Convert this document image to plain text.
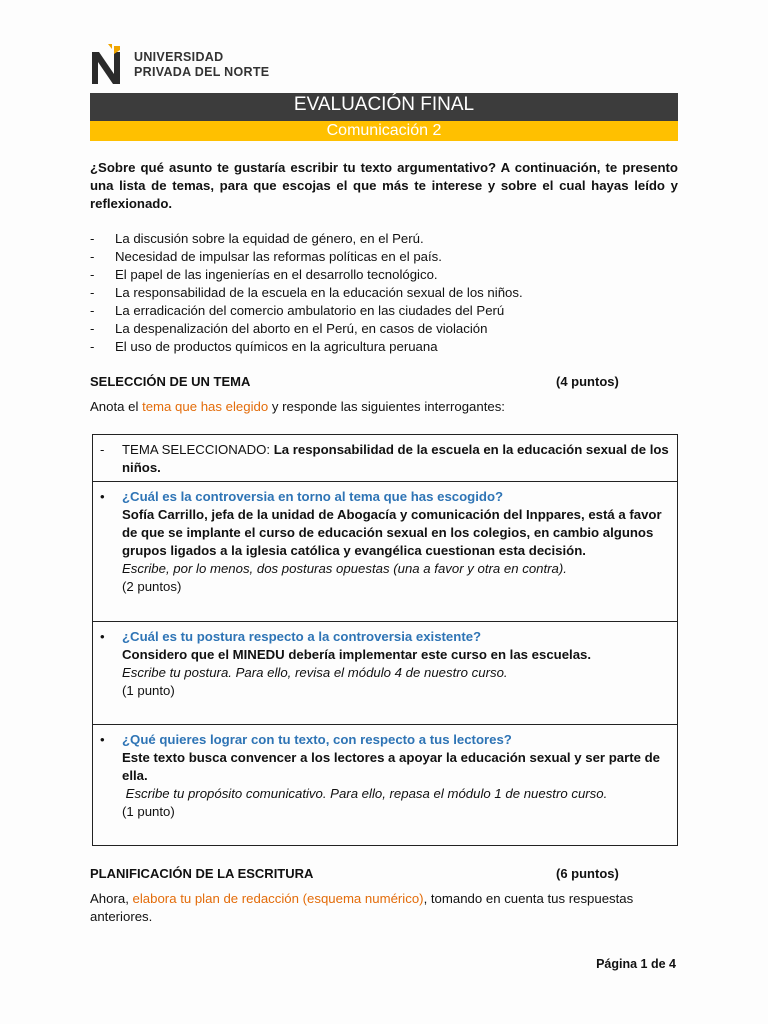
UNIVERSIDAD
PRIVADA DEL NORTE
EVALUACIÓN FINAL
Comunicación 2
¿Sobre qué asunto te gustaría escribir tu texto argumentativo? A continuación, te presento una lista de temas, para que escojas el que más te interese y sobre el cual hayas leído y reflexionado.
- La discusión sobre la equidad de género, en el Perú.
- Necesidad de impulsar las reformas políticas en el país.
- El papel de las ingenierías en el desarrollo tecnológico.
- La responsabilidad de la escuela en la educación sexual de los niños.
- La erradicación del comercio ambulatorio en las ciudades del Perú
- La despenalización del aborto en el Perú, en casos de violación
- El uso de productos químicos en la agricultura peruana
SELECCIÓN DE UN TEMA	(4 puntos)
Anota el tema que has elegido y responde las siguientes interrogantes:
- TEMA SELECCIONADO: La responsabilidad de la escuela en la educación sexual de los niños.
• ¿Cuál es la controversia en torno al tema que has escogido?
Sofía Carrillo, jefa de la unidad de Abogacía y comunicación del Inppares, está a favor de que se implante el curso de educación sexual en los colegios, en cambio algunos grupos ligados a la iglesia católica y evangélica cuestionan esta decisión.
Escribe, por lo menos, dos posturas opuestas (una a favor y otra en contra).
(2 puntos)
• ¿Cuál es tu postura respecto a la controversia existente?
Considero que el MINEDU debería implementar este curso en las escuelas.
Escribe tu postura. Para ello, revisa el módulo 4 de nuestro curso.
(1 punto)
• ¿Qué quieres lograr con tu texto, con respecto a tus lectores?
Este texto busca convencer a los lectores a apoyar la educación sexual y ser parte de ella.
Escribe tu propósito comunicativo. Para ello, repasa el módulo 1 de nuestro curso.
(1 punto)
PLANIFICACIÓN DE LA ESCRITURA	(6 puntos)
Ahora, elabora tu plan de redacción (esquema numérico), tomando en cuenta tus respuestas anteriores.
Página 1 de 4
